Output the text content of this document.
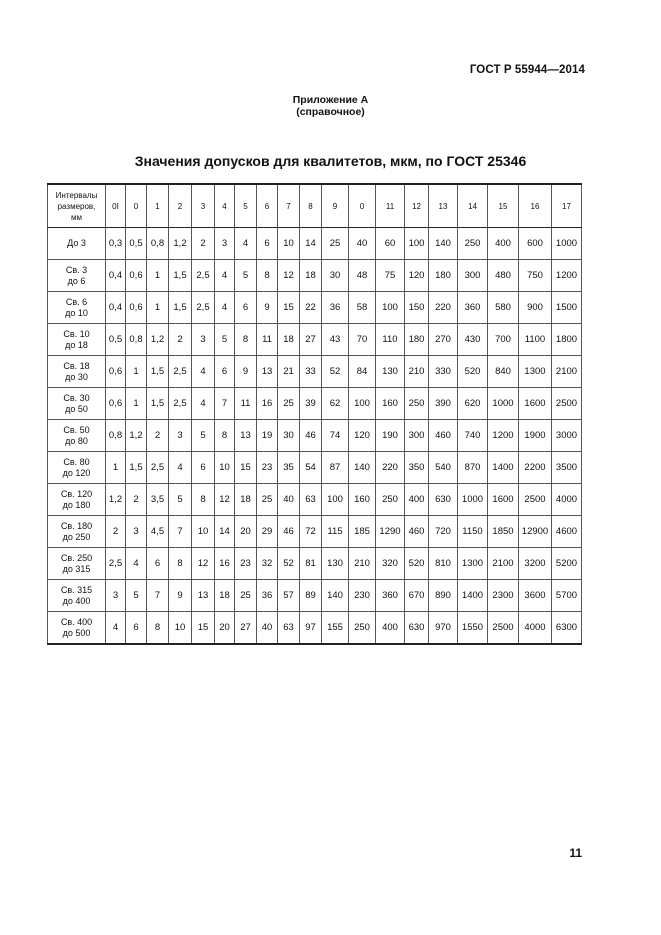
ГОСТ Р 55944—2014
Приложение А
(справочное)
Значения допусков для квалитетов, мкм, по ГОСТ 25346
Интервалы
размеров,
мм	0I	0	1	2	3	4	5	6	7	8	9	0	11	12	13	14	15	16	17

До 3	0,3	0,5	0,8	1,2	2	3	4	6	10	14	25	40	60	100	140	250	400	600	1000

Св. 3
до 6	0,4	0,6	1	1,5	2,5	4	5	8	12	18	30	48	75	120	180	300	480	750	1200

Св. 6
до 10	0,4	0,6	1	1,5	2,5	4	6	9	15	22	36	58	100	150	220	360	580	900	1500

Св. 10
до 18	0,5	0,8	1,2	2	3	5	8	11	18	27	43	70	110	180	270	430	700	1100	1800

Св. 18
до 30	0,6	1	1,5	2,5	4	6	9	13	21	33	52	84	130	210	330	520	840	1300	2100

Св. 30
до 50	0,6	1	1,5	2,5	4	7	11	16	25	39	62	100	160	250	390	620	1000	1600	2500

Св. 50
до 80	0,8	1,2	2	3	5	8	13	19	30	46	74	120	190	300	460	740	1200	1900	3000

Св. 80
до 120	1	1,5	2,5	4	6	10	15	23	35	54	87	140	220	350	540	870	1400	2200	3500

Св. 120
до 180	1,2	2	3,5	5	8	12	18	25	40	63	100	160	250	400	630	1000	1600	2500	4000

Св. 180
до 250	2	3	4,5	7	10	14	20	29	46	72	115	185	1290	460	720	1150	1850	12900	4600

Св. 250
до 315	2,5	4	6	8	12	16	23	32	52	81	130	210	320	520	810	1300	2100	3200	5200

Св. 315
до 400	3	5	7	9	13	18	25	36	57	89	140	230	360	670	890	1400	2300	3600	5700

Св. 400
до 500	4	6	8	10	15	20	27	40	63	97	155	250	400	630	970	1550	2500	4000	6300
11
